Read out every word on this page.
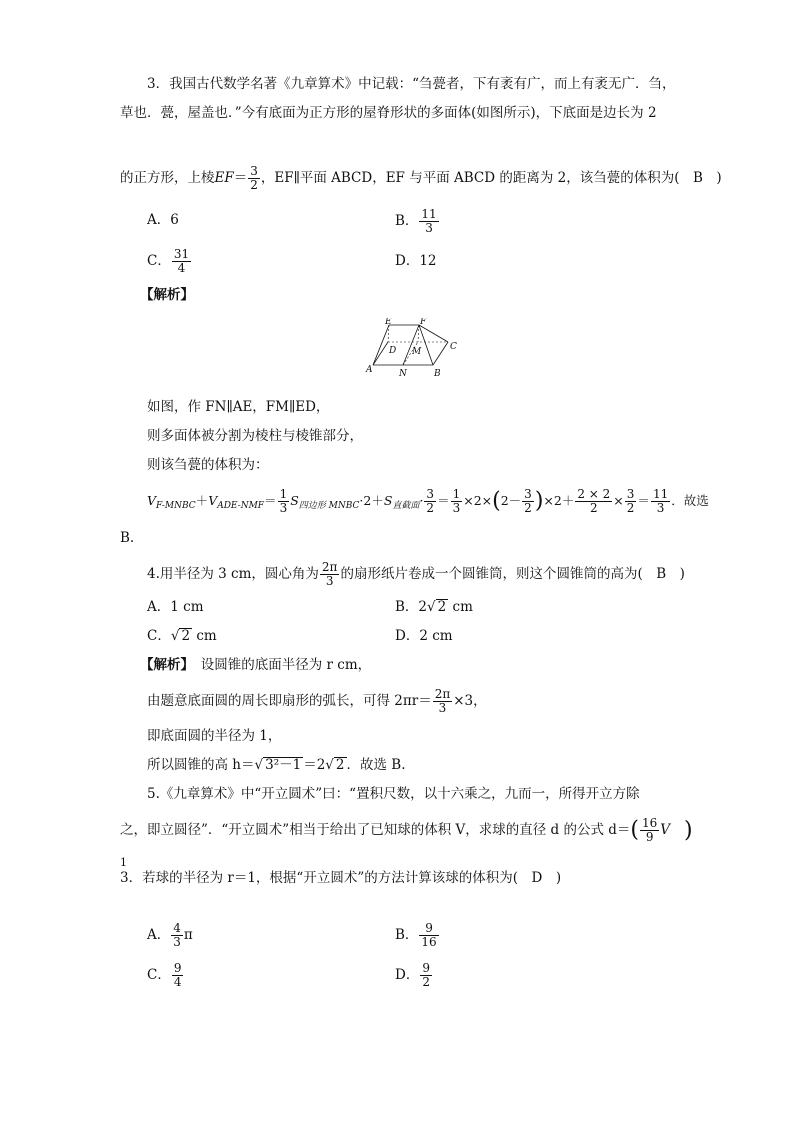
3．我国古代数学名著《九章算术》中记载：“刍甍者，下有袤有广，而上有袤无广．刍，
草也．甍，屋盖也．”今有底面为正方形的屋脊形状的多面体(如图所示)，下底面是边长为 2
的正方形，上棱$EF= \frac{3}{2}$ ，EF∥平面 ABCD，EF 与平面 ABCD 的距离为 2，该刍甍的体积为(　B　)
A．6	B． $\frac{11}{3}$
C． $\frac{31}{4}$	D．12
【解析】
E	F
D M	C
A	N	B
如图，作 FN∥AE，FM∥ED，
则多面体被分割为棱柱与棱锥部分，
则该刍甍的体积为：
$V_{F-MNBC}+V_{ADE-NMF}= \frac{1}{3} S_{四边形 MNBC}\cdot 2+S_{直截面}\cdot \frac{3}{2} = \frac{1}{3} \times 2\times(2- \frac{3}{2} )\times 2+ \frac{2 \times 2}{2} \times \frac{3}{2} = \frac{11}{3}$ ．故选
B.
4.用半径为 3 cm，圆心角为 $\frac{2\pi}{3}$ 的扇形纸片卷成一个圆锥筒，则这个圆锥筒的高为(　B　)
A．1 cm	B．2√ 2 cm
C．√ 2 cm	D．2 cm
【解析】　设圆锥的底面半径为 r cm，
由题意底面圆的周长即扇形的弧长，可得 $2\pi r= \frac{2\pi}{3} \times 3$，
即底面圆的半径为 1，
所以圆锥的高 h＝√ 3²－1 ＝2√ 2 ．故选 B.
5.《九章算术》中“开立圆术”曰：“置积尺数，以十六乘之，九而一，所得开立方除
之，即立圆径”．“开立圆术”相当于给出了已知球的体积 V，求球的直径 d 的公式 $d=( \frac{16}{9}$ V )
1
3．若球的半径为 r＝1，根据“开立圆术”的方法计算该球的体积为(　D　)
A． $\frac{4}{3}$ π	B． $\frac{9}{16}$
C． $\frac{9}{4}$	D． $\frac{9}{2}$
